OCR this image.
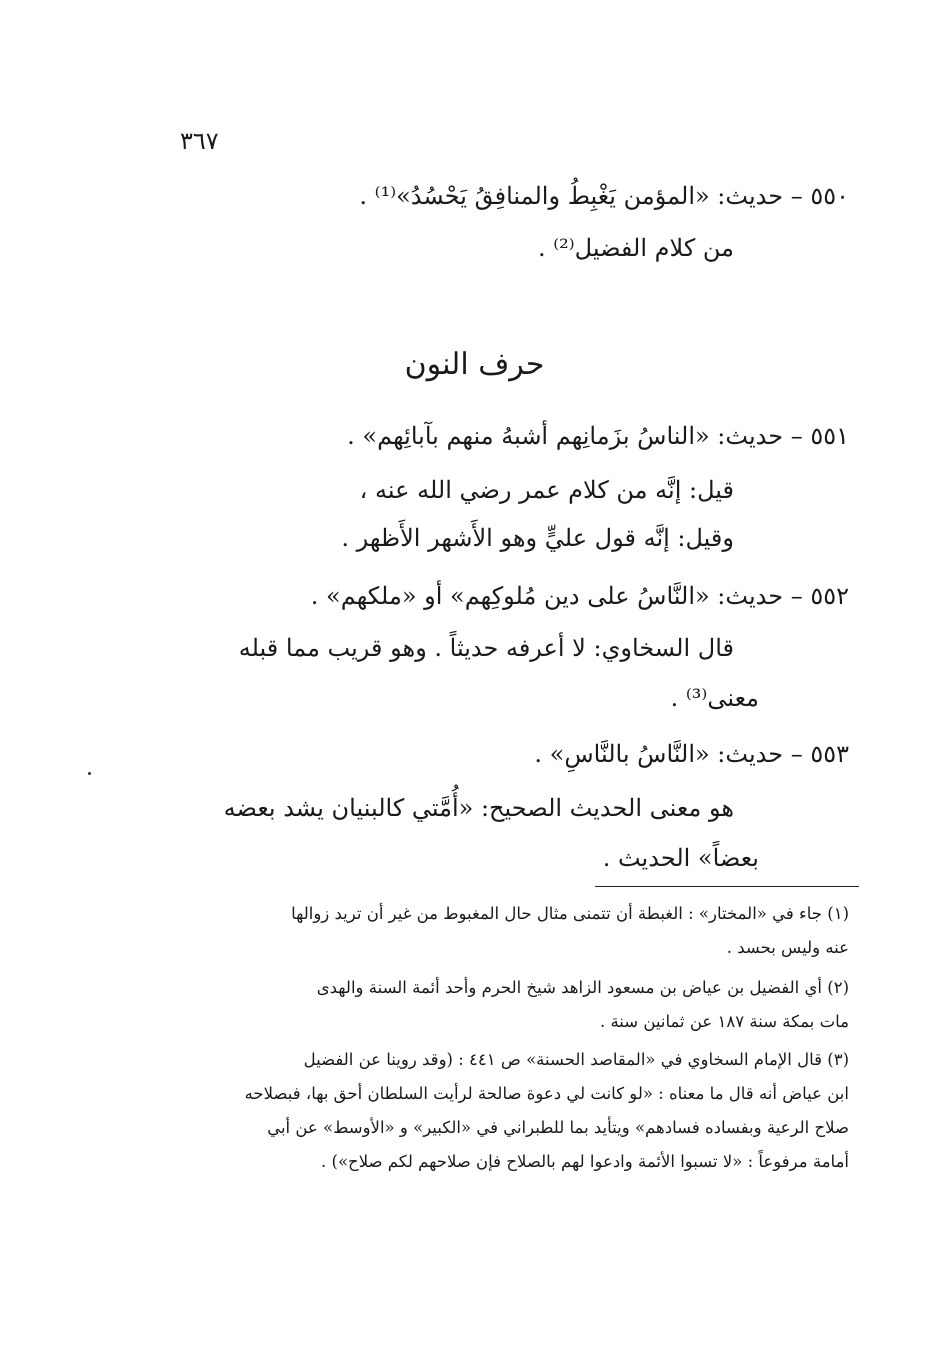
٣٦٧
٥٥٠ – حديث: «المؤمن يَغْبِطُ والمنافِقُ يَحْسُدُ»⁽¹⁾ .
من كلام الفضيل⁽²⁾ .
حرف النون
٥٥١ – حديث: «الناسُ بزَمانِهم أشبهُ منهم بآبائِهم» .
قيل: إنَّه من كلام عمر رضي الله عنه ،
وقيل: إنَّه قول عليٍّ وهو الأَشهر الأَظهر .
٥٥٢ – حديث: «النَّاسُ على دين مُلوكِهم» أو «ملكهم» .
قال السخاوي: لا أعرفه حديثاً . وهو قريب مما قبله
معنى⁽³⁾ .
٥٥٣ – حديث: «النَّاسُ بالنَّاسِ» .
هو معنى الحديث الصحيح: «أُمَّتي كالبنيان يشد بعضه
بعضاً» الحديث .
(١) جاء في «المختار» : الغبطة أن تتمنى مثال حال المغبوط من غير أن تريد زوالها
عنه وليس بحسد .
(٢) أي الفضيل بن عياض بن مسعود الزاهد شيخ الحرم وأحد أئمة السنة والهدى
مات بمكة سنة ١٨٧ عن ثمانين سنة .
(٣) قال الإمام السخاوي في «المقاصد الحسنة» ص ٤٤١ : (وقد روينا عن الفضيل
ابن عياض أنه قال ما معناه : «لو كانت لي دعوة صالحة لرأيت السلطان أحق بها، فبصلاحه
صلاح الرعية وبفساده فسادهم» ويتأيد بما للطبراني في «الكبير» و «الأوسط» عن أبي
أمامة مرفوعاً : «لا تسبوا الأئمة وادعوا لهم بالصلاح فإن صلاحهم لكم صلاح») .
